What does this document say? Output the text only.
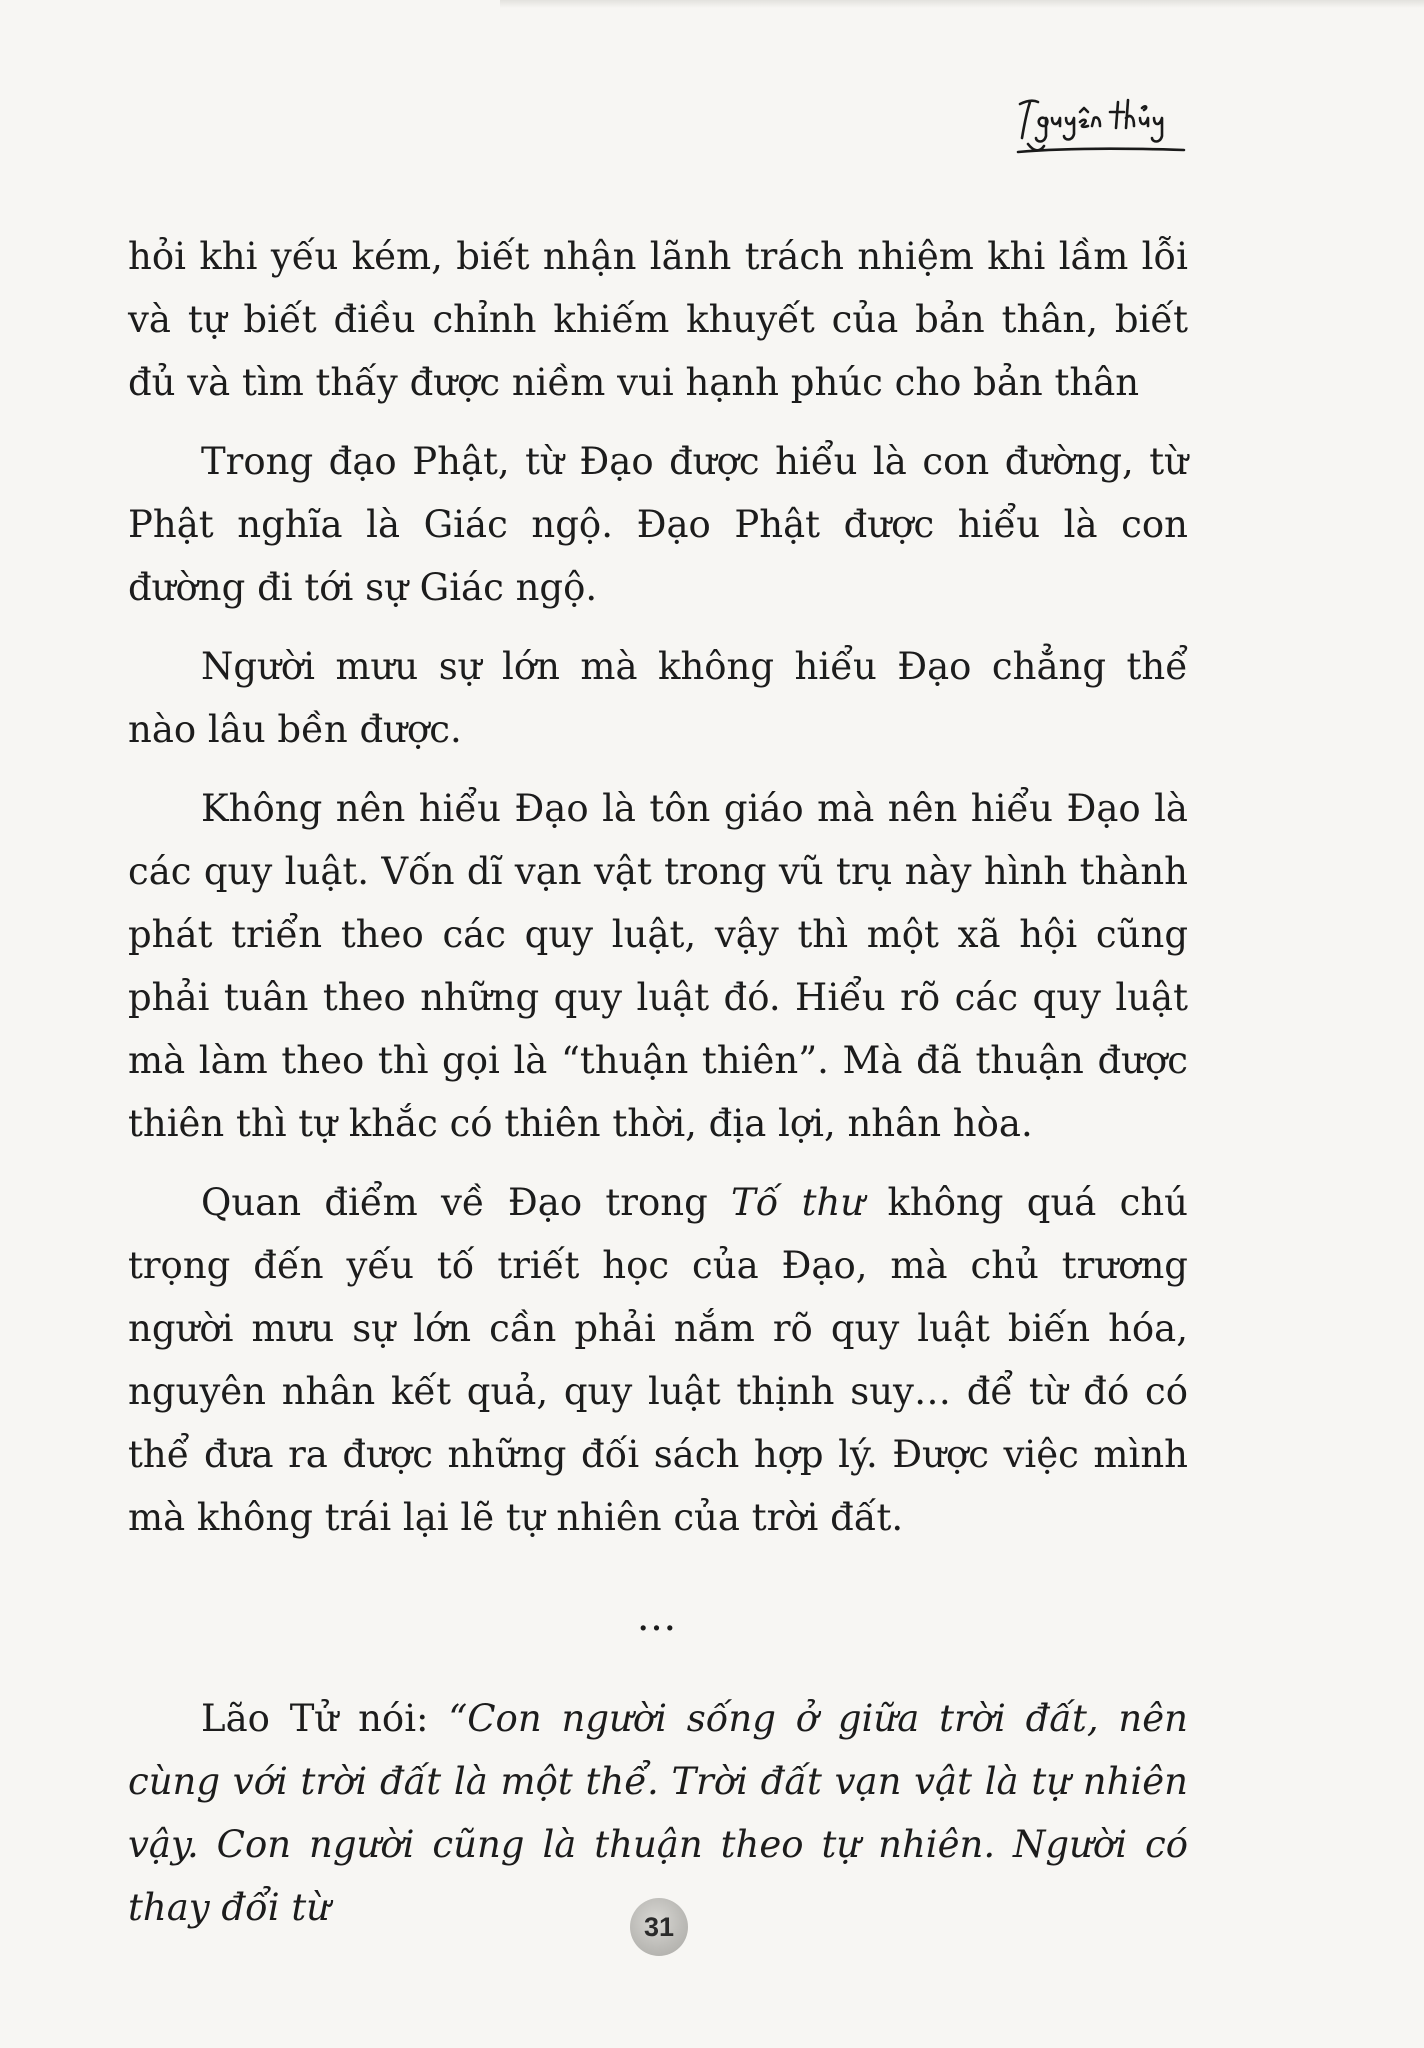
hỏi khi yếu kém, biết nhận lãnh trách nhiệm khi lầm lỗi và tự biết điều chỉnh khiếm khuyết của bản thân, biết đủ và tìm thấy được niềm vui hạnh phúc cho bản thân

Trong đạo Phật, từ Đạo được hiểu là con đường, từ Phật nghĩa là Giác ngộ. Đạo Phật được hiểu là con đường đi tới sự Giác ngộ.

Người mưu sự lớn mà không hiểu Đạo chẳng thể nào lâu bền được.

Không nên hiểu Đạo là tôn giáo mà nên hiểu Đạo là các quy luật. Vốn dĩ vạn vật trong vũ trụ này hình thành phát triển theo các quy luật, vậy thì một xã hội cũng phải tuân theo những quy luật đó. Hiểu rõ các quy luật mà làm theo thì gọi là “thuận thiên”. Mà đã thuận được thiên thì tự khắc có thiên thời, địa lợi, nhân hòa.

Quan điểm về Đạo trong Tố thư không quá chú trọng đến yếu tố triết học của Đạo, mà chủ trương người mưu sự lớn cần phải nắm rõ quy luật biến hóa, nguyên nhân kết quả, quy luật thịnh suy… để từ đó có thể đưa ra được những đối sách hợp lý. Được việc mình mà không trái lại lẽ tự nhiên của trời đất.

…

Lão Tử nói: “Con người sống ở giữa trời đất, nên cùng với trời đất là một thể. Trời đất vạn vật là tự nhiên vậy. Con người cũng là thuận theo tự nhiên. Người có thay đổi từ	31
